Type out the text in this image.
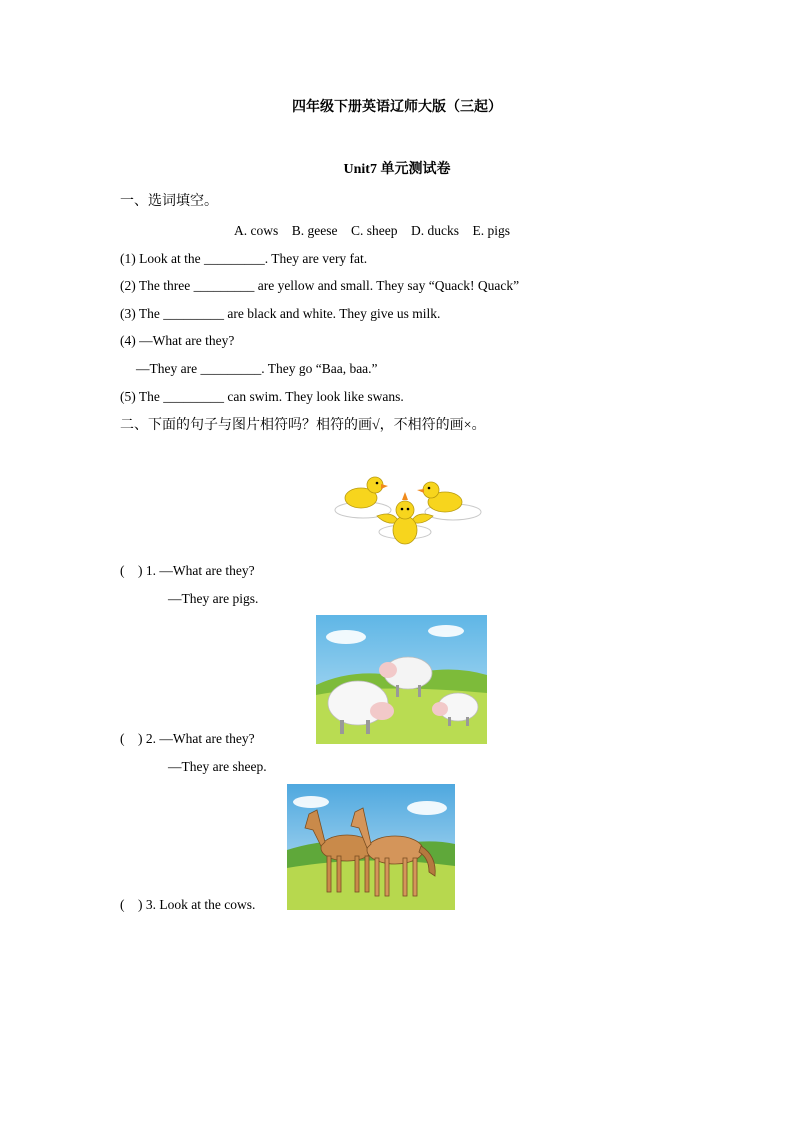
四年级下册英语辽师大版（三起）
Unit7 单元测试卷
一、选词填空。
A. cows    B. geese    C. sheep    D. ducks    E. pigs
(1) Look at the _________. They are very fat.
(2) The three _________ are yellow and small. They say “Quack! Quack”
(3) The _________ are black and white. They give us milk.
(4) —What are they?
—They are _________. They go “Baa, baa.”
(5) The _________ can swim. They look like swans.
二、下面的句子与图片相符吗？相符的画√，不相符的画×。
(    ) 1. —What are they?
—They are pigs.
(    ) 2. —What are they?
—They are sheep.
(    ) 3. Look at the cows.
